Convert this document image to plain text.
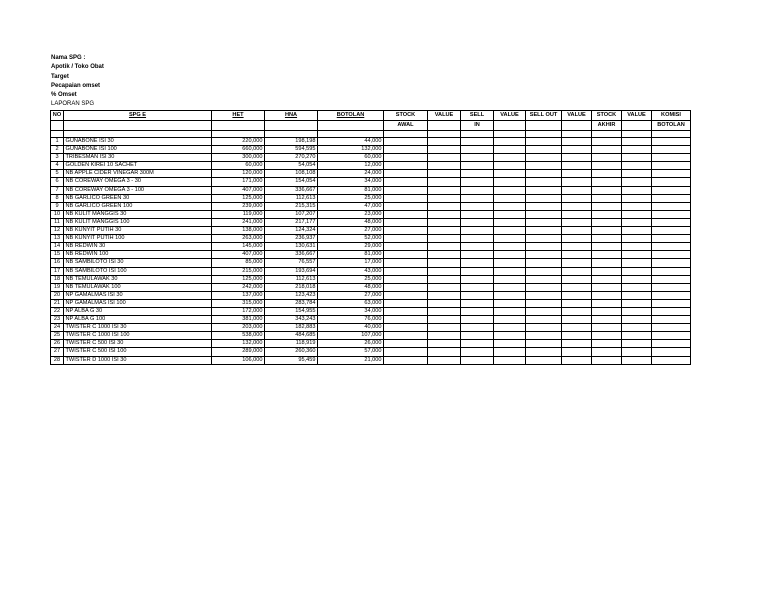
Nama SPG :
Apotik / Toko Obat
Target
Pecapaian omset
% Omset
LAPORAN SPG
NO	SPG E	HET	HNA	BOTOLAN	STOCK	VALUE	SELL	VALUE	SELL OUT	VALUE	STOCK	VALUE	KOMISI
					AWAL		IN				AKHIR		BOTOLAN

1	GUNABONE ISI 30	220,000	198,198	44,000									
2	GUNABONE ISI 100	660,000	594,595	132,000									
3	TRIBESMAN ISI 30	300,000	270,270	60,000									
4	GOLDEN KIREI 10 SACHET	60,000	54,054	12,000									
5	NB APPLE CIDER VINEGAR 300M	120,000	108,108	24,000									
6	NB COREWAY OMEGA 3 - 30	171,000	154,054	34,000									
7	NB COREWAY OMEGA 3 - 100	407,000	336,667	81,000									
8	NB GARLICO GREEN 30	125,000	112,613	25,000									
9	NB GARLICO GREEN 100	239,000	215,315	47,000									
10	NB KULIT MANGGIS 30	119,000	107,207	23,000									
11	NB KULIT MANGGIS 100	241,000	217,177	48,000									
12	NB KUNYIT PUTIH 30	138,000	124,324	27,000									
13	NB KUNYIT PUTIH 100	263,000	236,937	52,000									
14	NB REDWIN 30	145,000	130,631	29,000									
15	NB REDWIN 100	407,000	336,667	81,000									
16	NB SAMBILOTO ISI 30	85,000	76,557	17,000									
17	NB SAMBILOTO ISI 100	215,000	193,694	43,000									
18	NB TEMULAWAK 30	125,000	112,613	25,000									
19	NB TEMULAWAK 100	242,000	218,018	48,000									
20	NP GAMALMAS ISI 30	137,000	123,423	27,000									
21	NP GAMALMAS ISI 100	315,000	283,784	63,000									
22	NP ALBA G 30	172,000	154,955	34,000									
23	NP ALBA G 100	381,000	343,243	76,000									
24	TWISTER C 1000 ISI 30	203,000	182,883	40,000									
25	TWISTER C 1000 ISI 100	538,000	484,685	107,000									
26	TWISTER C 500 ISI 30	132,000	118,919	26,000									
27	TWISTER C 500 ISI 100	289,000	260,360	57,000									
28	TWISTER D 1000 ISI 30	106,000	95,459	21,000									
